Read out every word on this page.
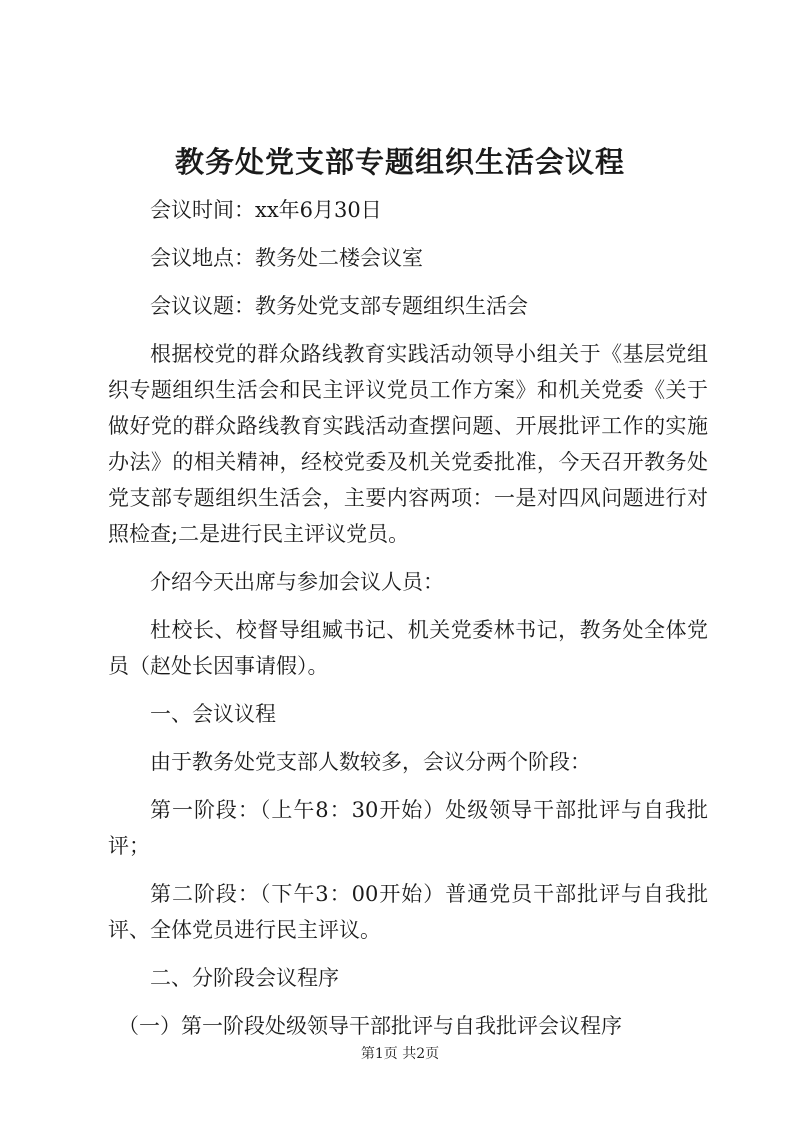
教务处党支部专题组织生活会议程

会议时间：xx年6月30日

会议地点：教务处二楼会议室

会议议题：教务处党支部专题组织生活会

根据校党的群众路线教育实践活动领导小组关于《基层党组织专题组织生活会和民主评议党员工作方案》和机关党委《关于做好党的群众路线教育实践活动查摆问题、开展批评工作的实施办法》的相关精神，经校党委及机关党委批准，今天召开教务处党支部专题组织生活会，主要内容两项：一是对四风问题进行对照检查;二是进行民主评议党员。

介绍今天出席与参加会议人员：

杜校长、校督导组臧书记、机关党委林书记，教务处全体党员（赵处长因事请假）。

一、会议议程

由于教务处党支部人数较多，会议分两个阶段：

第一阶段：（上午8：30开始）处级领导干部批评与自我批评；

第二阶段：（下午3：00开始）普通党员干部批评与自我批评、全体党员进行民主评议。

二、分阶段会议程序

（一）第一阶段处级领导干部批评与自我批评会议程序

第1页 共2页
